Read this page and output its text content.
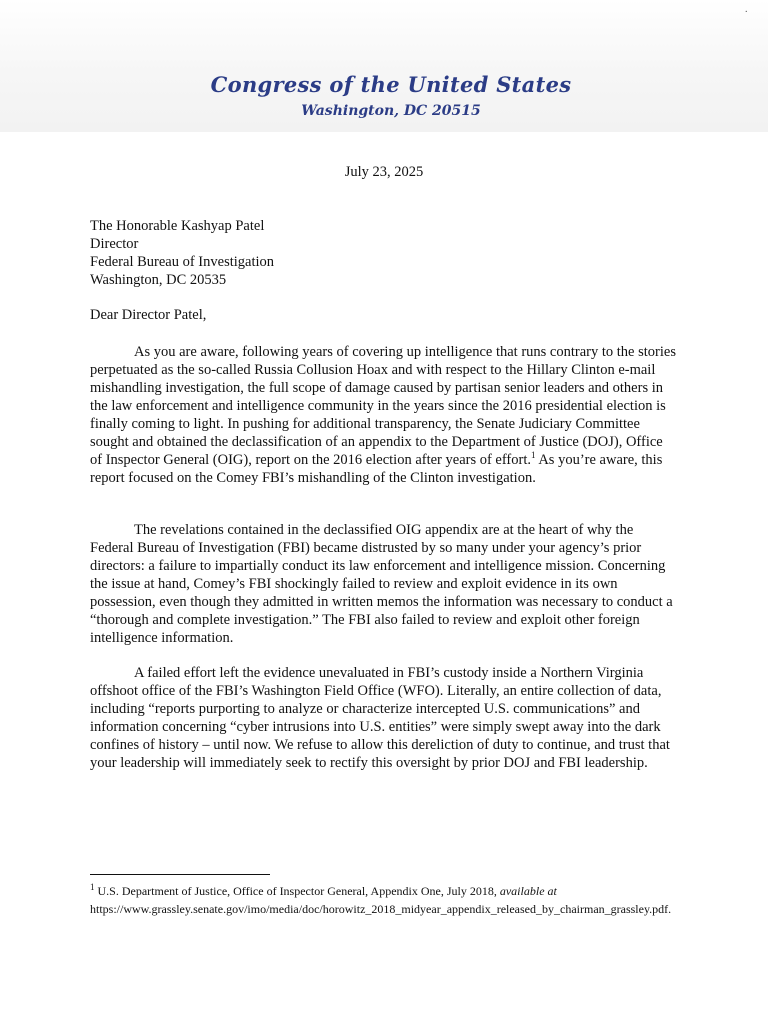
Congress of the United States
Washington, DC 20515
.
July 23, 2025
The Honorable Kashyap Patel
Director
Federal Bureau of Investigation
Washington, DC 20535
Dear Director Patel,

As you are aware, following years of covering up intelligence that runs contrary to the stories perpetuated as the so-called Russia Collusion Hoax and with respect to the Hillary Clinton e-mail mishandling investigation, the full scope of damage caused by partisan senior leaders and others in the law enforcement and intelligence community in the years since the 2016 presidential election is finally coming to light. In pushing for additional transparency, the Senate Judiciary Committee sought and obtained the declassification of an appendix to the Department of Justice (DOJ), Office of Inspector General (OIG), report on the 2016 election after years of effort.$^1$ As you’re aware, this report focused on the Comey FBI’s mishandling of the Clinton investigation.

The revelations contained in the declassified OIG appendix are at the heart of why the Federal Bureau of Investigation (FBI) became distrusted by so many under your agency’s prior directors: a failure to impartially conduct its law enforcement and intelligence mission. Concerning the issue at hand, Comey’s FBI shockingly failed to review and exploit evidence in its own possession, even though they admitted in written memos the information was necessary to conduct a “thorough and complete investigation.” The FBI also failed to review and exploit other foreign intelligence information.

A failed effort left the evidence unevaluated in FBI’s custody inside a Northern Virginia offshoot office of the FBI’s Washington Field Office (WFO). Literally, an entire collection of data, including “reports purporting to analyze or characterize intercepted U.S. communications” and information concerning “cyber intrusions into U.S. entities” were simply swept away into the dark confines of history – until now. We refuse to allow this dereliction of duty to continue, and trust that your leadership will immediately seek to rectify this oversight by prior DOJ and FBI leadership.

$^1$ U.S. Department of Justice, Office of Inspector General, Appendix One, July 2018, available at
https://www.grassley.senate.gov/imo/media/doc/horowitz_2018_midyear_appendix_released_by_chairman_grassley.pdf.
